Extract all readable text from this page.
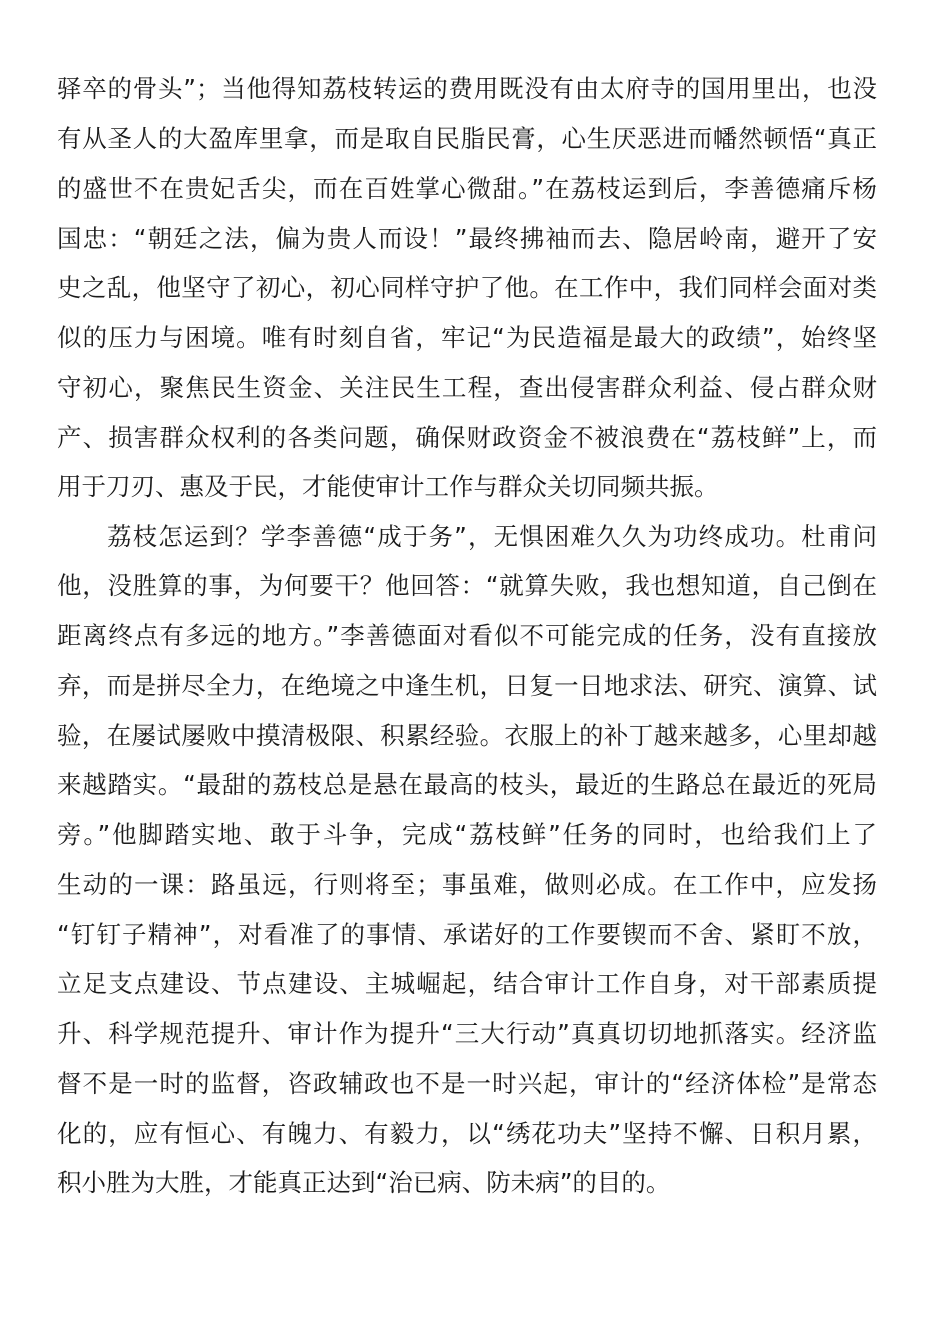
驿卒的骨头”；当他得知荔枝转运的费用既没有由太府寺的国用里出，也没
有从圣人的大盈库里拿，而是取自民脂民膏，心生厌恶进而幡然顿悟“真正
的盛世不在贵妃舌尖，而在百姓掌心微甜。”在荔枝运到后，李善德痛斥杨
国忠：“朝廷之法，偏为贵人而设！”最终拂袖而去、隐居岭南，避开了安
史之乱，他坚守了初心，初心同样守护了他。在工作中，我们同样会面对类
似的压力与困境。唯有时刻自省，牢记“为民造福是最大的政绩”，始终坚
守初心，聚焦民生资金、关注民生工程，查出侵害群众利益、侵占群众财
产、损害群众权利的各类问题，确保财政资金不被浪费在“荔枝鲜”上，而
用于刀刃、惠及于民，才能使审计工作与群众关切同频共振。
荔枝怎运到？学李善德“成于务”，无惧困难久久为功终成功。杜甫问
他，没胜算的事，为何要干？他回答：“就算失败，我也想知道，自己倒在
距离终点有多远的地方。”李善德面对看似不可能完成的任务，没有直接放
弃，而是拼尽全力，在绝境之中逢生机，日复一日地求法、研究、演算、试
验，在屡试屡败中摸清极限、积累经验。衣服上的补丁越来越多，心里却越
来越踏实。“最甜的荔枝总是悬在最高的枝头，最近的生路总在最近的死局
旁。”他脚踏实地、敢于斗争，完成“荔枝鲜”任务的同时，也给我们上了
生动的一课：路虽远，行则将至；事虽难，做则必成。在工作中，应发扬
“钉钉子精神”，对看准了的事情、承诺好的工作要锲而不舍、紧盯不放，
立足支点建设、节点建设、主城崛起，结合审计工作自身，对干部素质提
升、科学规范提升、审计作为提升“三大行动”真真切切地抓落实。经济监
督不是一时的监督，咨政辅政也不是一时兴起，审计的“经济体检”是常态
化的，应有恒心、有魄力、有毅力，以“绣花功夫”坚持不懈、日积月累，
积小胜为大胜，才能真正达到“治已病、防未病”的目的。
